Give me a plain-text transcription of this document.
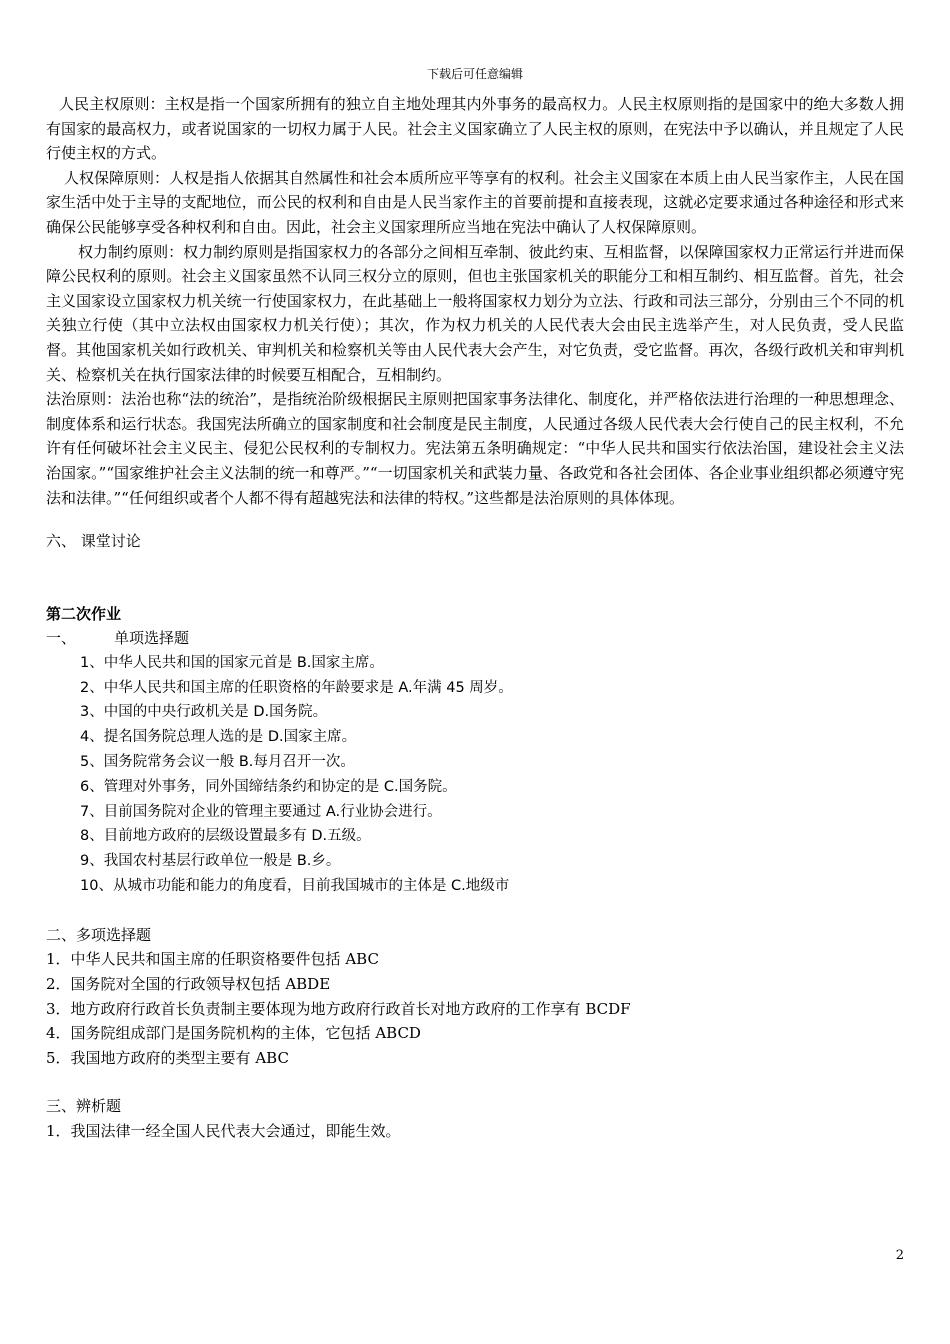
下载后可任意编辑

人民主权原则：主权是指一个国家所拥有的独立自主地处理其内外事务的最高权力。人民主权原则指的是国家中的绝大多数人拥有国家的最高权力，或者说国家的一切权力属于人民。社会主义国家确立了人民主权的原则，在宪法中予以确认，并且规定了人民行使主权的方式。

人权保障原则：人权是指人依据其自然属性和社会本质所应平等享有的权利。社会主义国家在本质上由人民当家作主，人民在国家生活中处于主导的支配地位，而公民的权利和自由是人民当家作主的首要前提和直接表现，这就必定要求通过各种途径和形式来确保公民能够享受各种权利和自由。因此，社会主义国家理所应当地在宪法中确认了人权保障原则。

权力制约原则：权力制约原则是指国家权力的各部分之间相互牵制、彼此约束、互相监督，以保障国家权力正常运行并进而保障公民权利的原则。社会主义国家虽然不认同三权分立的原则，但也主张国家机关的职能分工和相互制约、相互监督。首先，社会主义国家设立国家权力机关统一行使国家权力，在此基础上一般将国家权力划分为立法、行政和司法三部分，分别由三个不同的机关独立行使（其中立法权由国家权力机关行使）；其次，作为权力机关的人民代表大会由民主选举产生，对人民负责，受人民监督。其他国家机关如行政机关、审判机关和检察机关等由人民代表大会产生，对它负责，受它监督。再次，各级行政机关和审判机关、检察机关在执行国家法律的时候要互相配合，互相制约。

法治原则：法治也称“法的统治”，是指统治阶级根据民主原则把国家事务法律化、制度化，并严格依法进行治理的一种思想理念、制度体系和运行状态。我国宪法所确立的国家制度和社会制度是民主制度，人民通过各级人民代表大会行使自己的民主权利，不允许有任何破坏社会主义民主、侵犯公民权利的专制权力。宪法第五条明确规定：“中华人民共和国实行依法治国，建设社会主义法治国家。”“国家维护社会主义法制的统一和尊严。”“一切国家机关和武装力量、各政党和各社会团体、各企业事业组织都必须遵守宪法和法律。”“任何组织或者个人都不得有超越宪法和法律的特权。”这些都是法治原则的具体体现。

六、 课堂讨论
第二次作业
一、	单项选择题
1、中华人民共和国的国家元首是 B.国家主席。
2、中华人民共和国主席的任职资格的年龄要求是 A.年满 45 周岁。
3、中国的中央行政机关是 D.国务院。
4、提名国务院总理人选的是 D.国家主席。
5、国务院常务会议一般 B.每月召开一次。
6、管理对外事务，同外国缔结条约和协定的是 C.国务院。
7、目前国务院对企业的管理主要通过 A.行业协会进行。
8、目前地方政府的层级设置最多有 D.五级。
9、我国农村基层行政单位一般是 B.乡。
10、从城市功能和能力的角度看，目前我国城市的主体是 C.地级市
二、多项选择题
1．中华人民共和国主席的任职资格要件包括 ABC
2．国务院对全国的行政领导权包括 ABDE
3．地方政府行政首长负责制主要体现为地方政府行政首长对地方政府的工作享有 BCDF
4．国务院组成部门是国务院机构的主体，它包括 ABCD
5．我国地方政府的类型主要有 ABC
三、辨析题
1．我国法律一经全国人民代表大会通过，即能生效。
2
